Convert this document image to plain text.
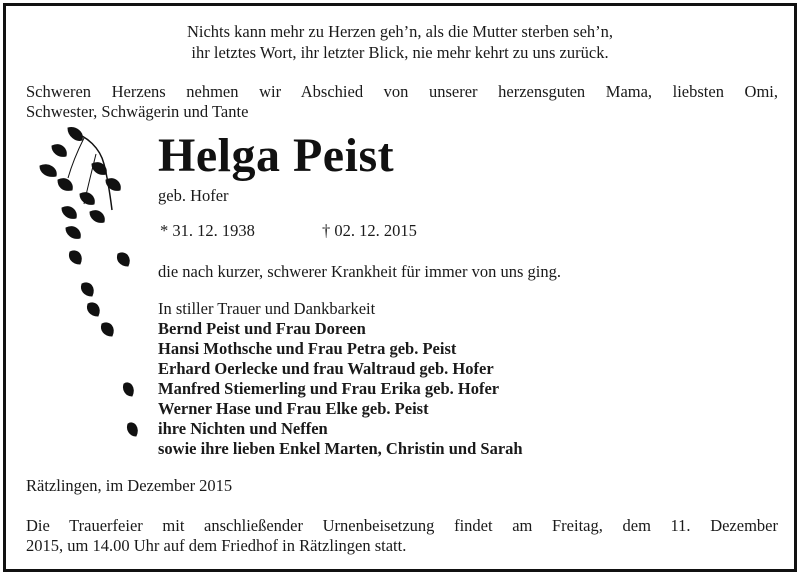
Nichts kann mehr zu Herzen geh’n, als die Mutter sterben seh’n,
ihr letztes Wort, ihr letzter Blick, nie mehr kehrt zu uns zurück.
Schweren Herzens nehmen wir Abschied von unserer herzensguten Mama, liebsten Omi,
Schwester, Schwägerin und Tante
Helga Peist
geb. Hofer
* 31. 12. 1938	† 02. 12. 2015
die nach kurzer, schwerer Krankheit für immer von uns ging.
In stiller Trauer und Dankbarkeit
Bernd Peist und Frau Doreen
Hansi Mothsche und Frau Petra geb. Peist
Erhard Oerlecke und frau Waltraud geb. Hofer
Manfred Stiemerling und Frau Erika geb. Hofer
Werner Hase und Frau Elke geb. Peist
ihre Nichten und Neffen
sowie ihre lieben Enkel Marten, Christin und Sarah
Rätzlingen, im Dezember 2015
Die Trauerfeier mit anschließender Urnenbeisetzung findet am Freitag, dem 11. Dezember
2015, um 14.00 Uhr auf dem Friedhof in Rätzlingen statt.
